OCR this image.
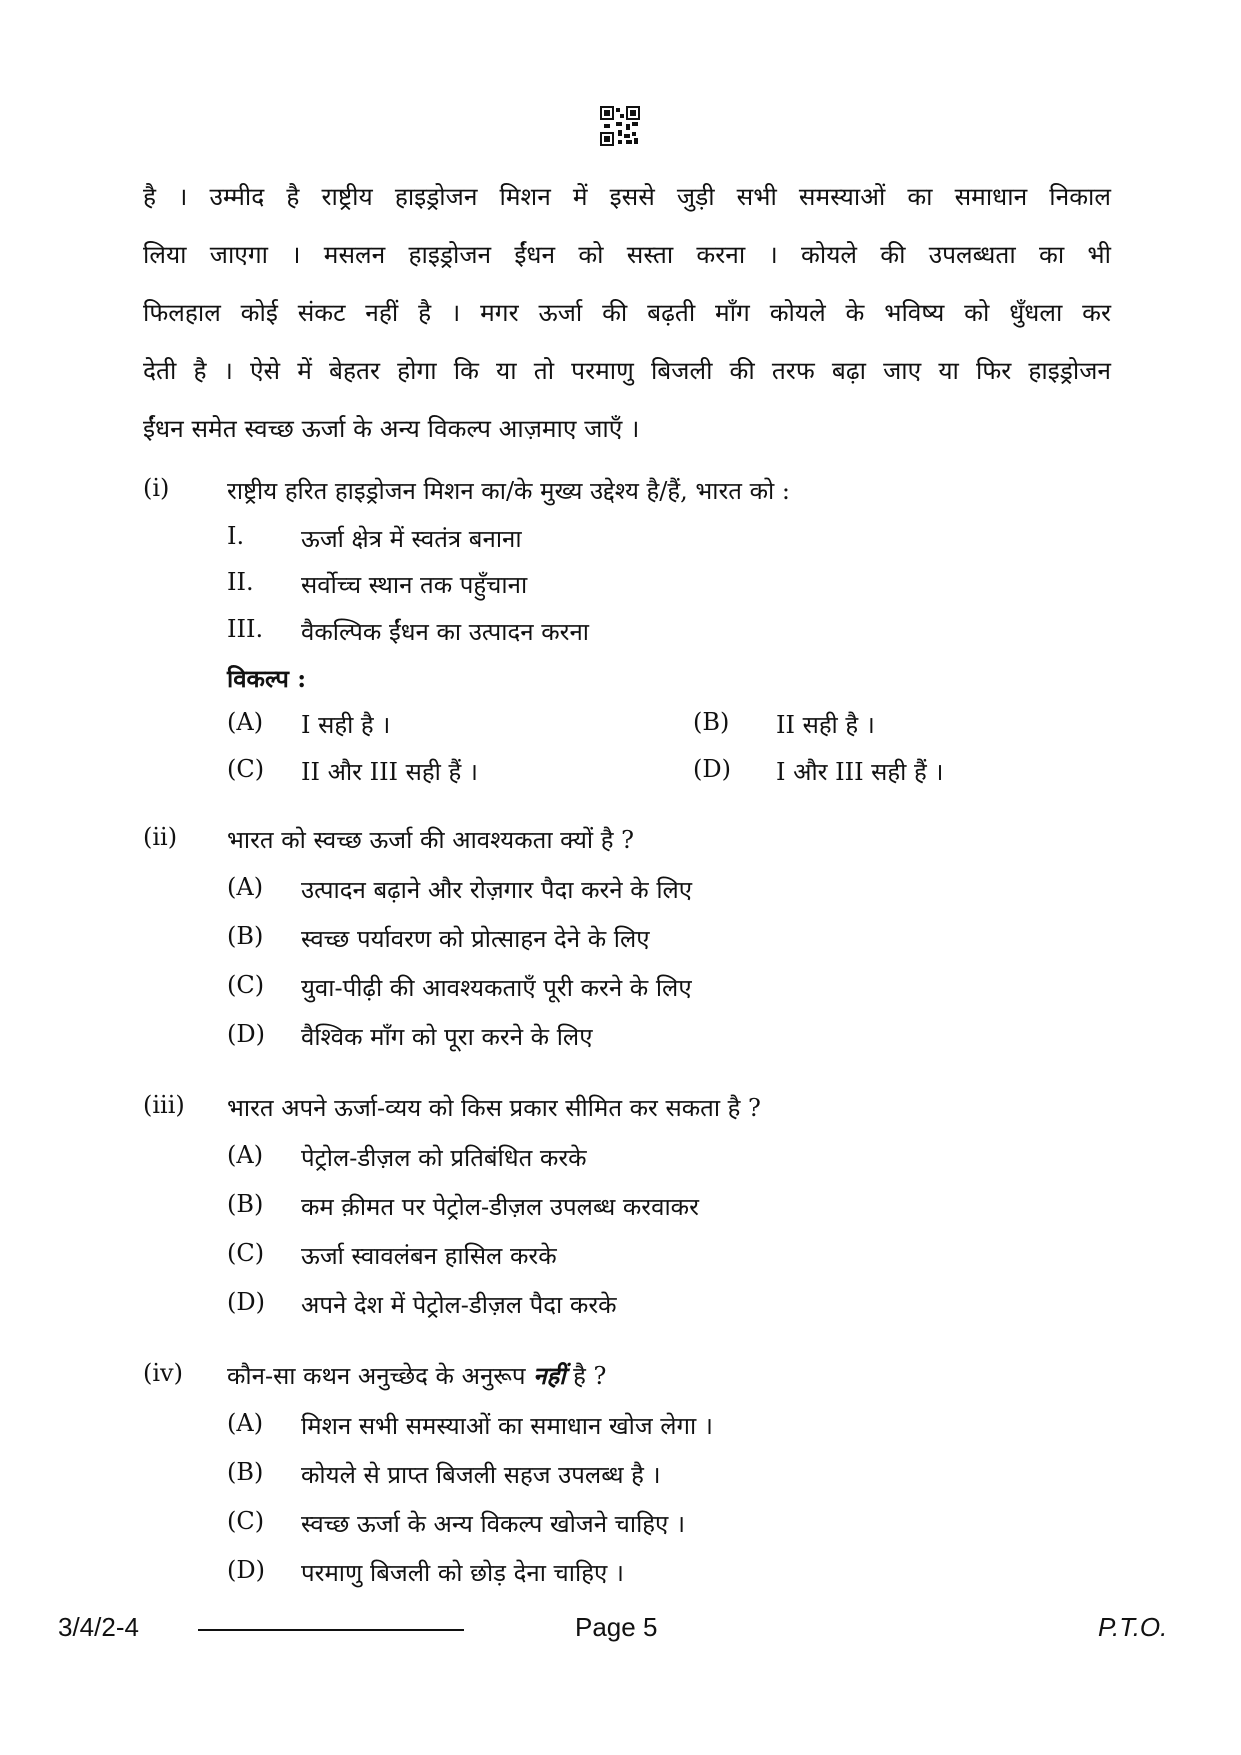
है । उम्मीद है राष्ट्रीय हाइड्रोजन मिशन में इससे जुड़ी सभी समस्याओं का समाधान निकाल
लिया जाएगा । मसलन हाइड्रोजन ईंधन को सस्ता करना । कोयले की उपलब्धता का भी
फिलहाल कोई संकट नहीं है । मगर ऊर्जा की बढ़ती माँग कोयले के भविष्य को धुँधला कर
देती है । ऐसे में बेहतर होगा कि या तो परमाणु बिजली की तरफ बढ़ा जाए या फिर हाइड्रोजन
ईंधन समेत स्वच्छ ऊर्जा के अन्य विकल्प आज़माए जाएँ ।
(i)	राष्ट्रीय हरित हाइड्रोजन मिशन का/के मुख्य उद्देश्य है/हैं, भारत को :
I. ऊर्जा क्षेत्र में स्वतंत्र बनाना
II. सर्वोच्च स्थान तक पहुँचाना
III. वैकल्पिक ईंधन का उत्पादन करना
विकल्प :
(A) I सही है ।	(B) II सही है ।
(C) II और III सही हैं ।	(D) I और III सही हैं ।
(ii)	भारत को स्वच्छ ऊर्जा की आवश्यकता क्यों है ?
(A) उत्पादन बढ़ाने और रोज़गार पैदा करने के लिए
(B) स्वच्छ पर्यावरण को प्रोत्साहन देने के लिए
(C) युवा-पीढ़ी की आवश्यकताएँ पूरी करने के लिए
(D) वैश्विक माँग को पूरा करने के लिए
(iii)	भारत अपने ऊर्जा-व्यय को किस प्रकार सीमित कर सकता है ?
(A) पेट्रोल-डीज़ल को प्रतिबंधित करके
(B) कम क़ीमत पर पेट्रोल-डीज़ल उपलब्ध करवाकर
(C) ऊर्जा स्वावलंबन हासिल करके
(D) अपने देश में पेट्रोल-डीज़ल पैदा करके
(iv)	कौन-सा कथन अनुच्छेद के अनुरूप नहीं है ?
(A) मिशन सभी समस्याओं का समाधान खोज लेगा ।
(B) कोयले से प्राप्त बिजली सहज उपलब्ध है ।
(C) स्वच्छ ऊर्जा के अन्य विकल्प खोजने चाहिए ।
(D) परमाणु बिजली को छोड़ देना चाहिए ।
3/4/2-4	Page 5	P.T.O.
